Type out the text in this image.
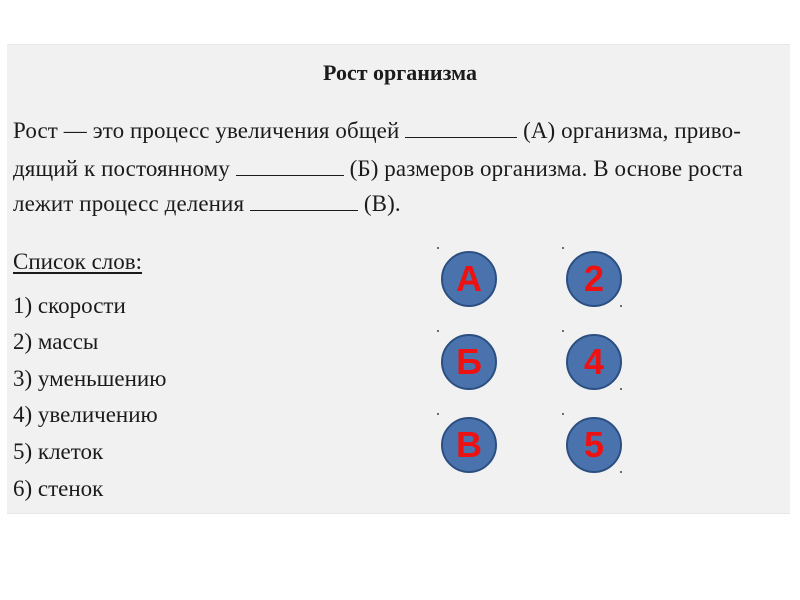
Рост организма
Рост — это процесс увеличения общей	(А) организма, приво-
дящий к постоянному	(Б) размеров организма. В основе роста
лежит процесс деления	(В).
Список слов:
1) скорости
2) массы
3) уменьшению
4) увеличению
5) клеток
6) стенок
А
Б
В
2
4
5
